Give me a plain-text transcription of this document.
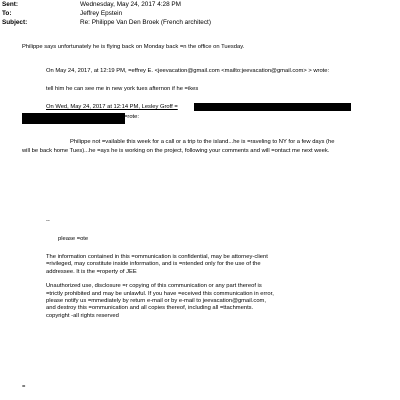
Sent:	Wednesday, May 24, 2017 4:28 PM
To:	Jeffrey Epstein
Subject:	Re: Philippe Van Den Broek (French architect)
Philippe says unfortunately he is flying back on Monday back =n the office on Tuesday.
On May 24, 2017, at 12:19 PM, =effrey E. <jeevacation@gmail.com <mailto:jeevacation@gmail.com> > wrote:
tell him he can see me in new york tues afternon if he =ikes
On Wed, May 24, 2017 at 12:14 PM, Lesley Groff =
=rote:
Philippe not =vailable this week for a call or a trip to the island...he is =raveling to NY for a few days (he
will be back home Tues)...he =ays he is working on the project, following your comments and will =ontact me next week.
--
please =ote

The information contained in this =ommunication is confidential, may be attorney-client =rivileged, may constitute inside information, and is =ntended only for the use of the addressee. It is the =roperty of JEE

Unauthorized use, disclosure =r copying of this communication or any part thereof is =trictly prohibited and may be unlawful. If you have =eceived this communication in error, please notify us =mmediately by return e-mail or by e-mail to jeevacation@gmail.com, and destroy this =ommunication and all copies thereof, including all =ttachments. copyright -all rights reserved

=
